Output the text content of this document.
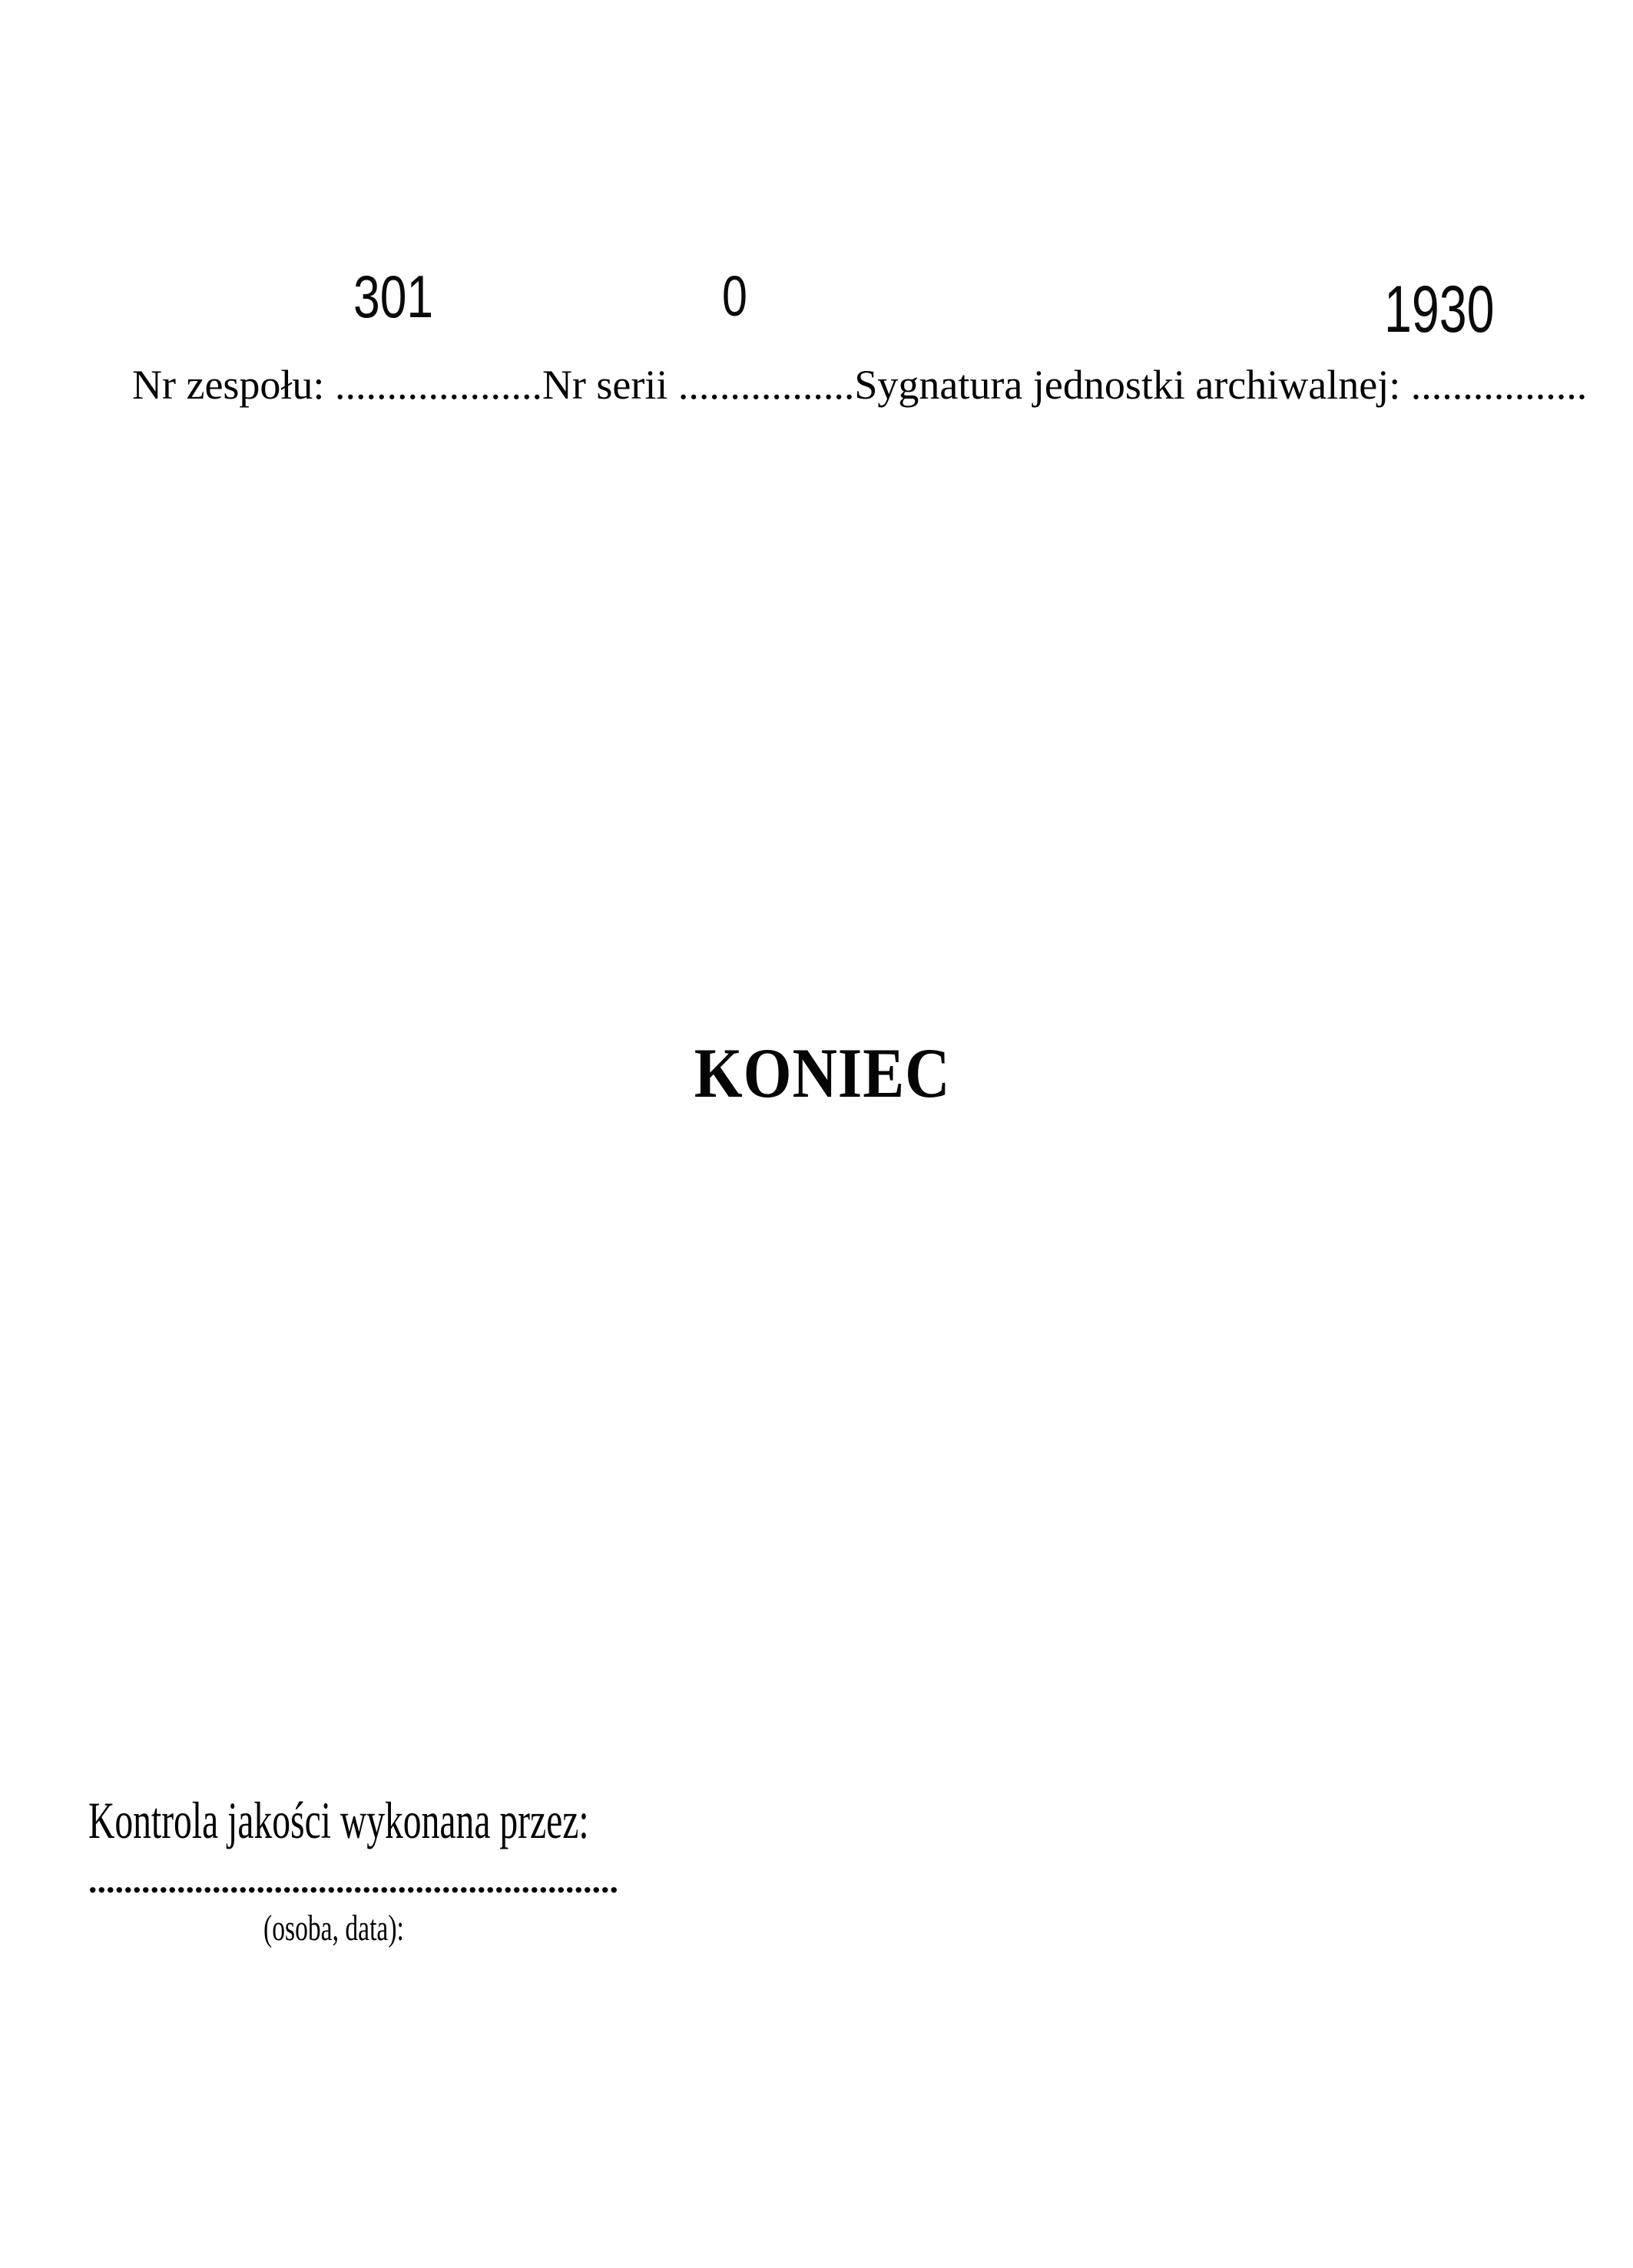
301	0	1930

Nr zespołu: ....................Nr serii .................Sygnatura jednostki archiwalnej: .................

KONIEC

Kontrola jakości wykonana przez:
............................................................
(osoba, data):
